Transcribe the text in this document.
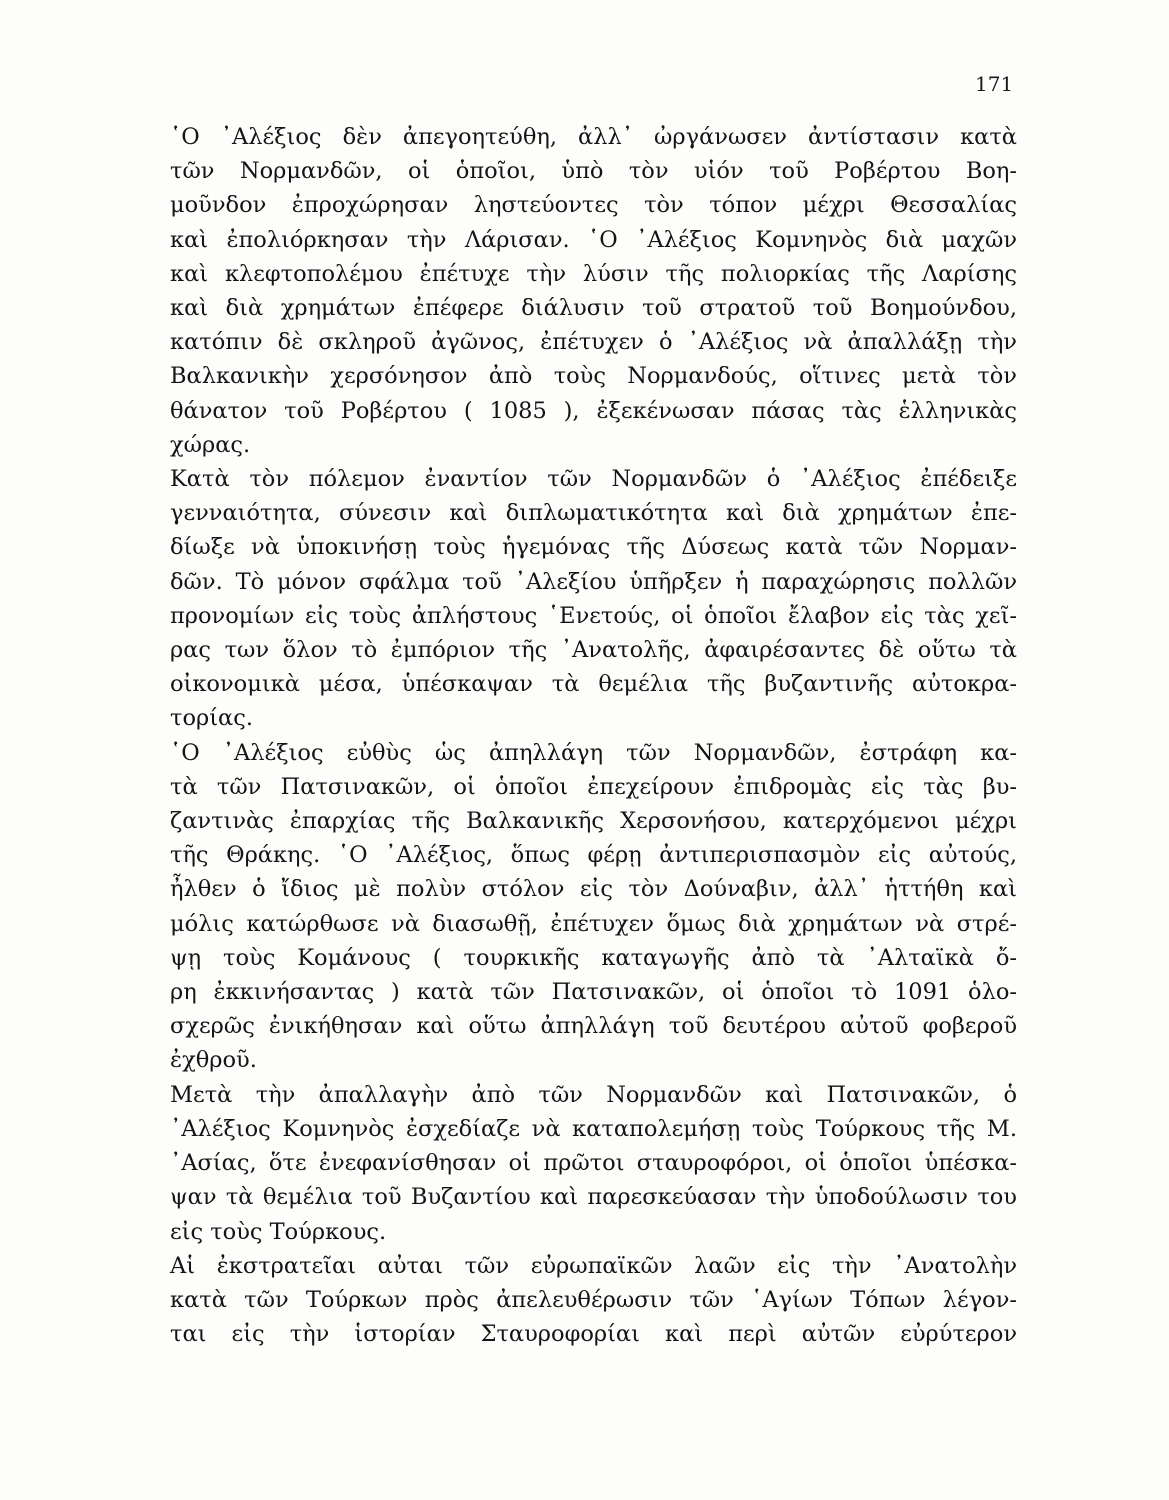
171

῾Ο ᾿Αλέξιος δὲν ἀπεγοητεύθη, ἀλλ᾿ ὠργάνωσεν ἀντίστασιν κατὰ
τῶν Νορμανδῶν, οἱ ὁποῖοι, ὑπὸ τὸν υἱόν τοῦ Ροβέρτου Βοη-
μοῦνδον ἐπροχώρησαν ληστεύοντες τὸν τόπον μέχρι Θεσσαλίας
καὶ ἐπολιόρκησαν τὴν Λάρισαν. ῾Ο ᾿Αλέξιος Κομνηνὸς διὰ μαχῶν
καὶ κλεφτοπολέμου ἐπέτυχε τὴν λύσιν τῆς πολιορκίας τῆς Λαρίσης
καὶ διὰ χρημάτων ἐπέφερε διάλυσιν τοῦ στρατοῦ τοῦ Βοημούνδου,
κατόπιν δὲ σκληροῦ ἀγῶνος, ἐπέτυχεν ὁ ᾿Αλέξιος νὰ ἀπαλλάξῃ τὴν
Βαλκανικὴν χερσόνησον ἀπὸ τοὺς Νορμανδούς, οἵτινες μετὰ τὸν
θάνατον τοῦ Ροβέρτου ( 1085 ), ἐξεκένωσαν πάσας τὰς ἑλληνικὰς
χώρας.

Κατὰ τὸν πόλεμον ἐναντίον τῶν Νορμανδῶν ὁ ᾿Αλέξιος ἐπέδειξε
γενναιότητα, σύνεσιν καὶ διπλωματικότητα καὶ διὰ χρημάτων ἐπε-
δίωξε νὰ ὑποκινήσῃ τοὺς ἡγεμόνας τῆς Δύσεως κατὰ τῶν Νορμαν-
δῶν. Τὸ μόνον σφάλμα τοῦ ᾿Αλεξίου ὑπῆρξεν ἡ παραχώρησις πολλῶν
προνομίων εἰς τοὺς ἀπλήστους ῾Ενετούς, οἱ ὁποῖοι ἔλαβον εἰς τὰς χεῖ-
ρας των ὅλον τὸ ἐμπόριον τῆς ᾿Ανατολῆς, ἀφαιρέσαντες δὲ οὕτω τὰ
οἰκονομικὰ μέσα, ὑπέσκαψαν τὰ θεμέλια τῆς βυζαντινῆς αὐτοκρα-
τορίας.

῾Ο ᾿Αλέξιος εὐθὺς ὡς ἀπηλλάγη τῶν Νορμανδῶν, ἐστράφη κα-
τὰ τῶν Πατσινακῶν, οἱ ὁποῖοι ἐπεχείρουν ἐπιδρομὰς εἰς τὰς βυ-
ζαντινὰς ἐπαρχίας τῆς Βαλκανικῆς Χερσονήσου, κατερχόμενοι μέχρι
τῆς Θράκης. ῾Ο ᾿Αλέξιος, ὅπως φέρῃ ἀντιπερισπασμὸν εἰς αὐτούς,
ἦλθεν ὁ ἴδιος μὲ πολὺν στόλον εἰς τὸν Δούναβιν, ἀλλ᾿ ἡττήθη καὶ
μόλις κατώρθωσε νὰ διασωθῇ, ἐπέτυχεν ὅμως διὰ χρημάτων νὰ στρέ-
ψῃ τοὺς Κομάνους ( τουρκικῆς καταγωγῆς ἀπὸ τὰ ᾿Αλταϊκὰ ὄ-
ρη ἐκκινήσαντας ) κατὰ τῶν Πατσινακῶν, οἱ ὁποῖοι τὸ 1091 ὁλο-
σχερῶς ἐνικήθησαν καὶ οὕτω ἀπηλλάγη τοῦ δευτέρου αὐτοῦ φοβεροῦ
ἐχθροῦ.

Μετὰ τὴν ἀπαλλαγὴν ἀπὸ τῶν Νορμανδῶν καὶ Πατσινακῶν, ὁ
᾿Αλέξιος Κομνηνὸς ἐσχεδίαζε νὰ καταπολεμήσῃ τοὺς Τούρκους τῆς Μ.
᾿Ασίας, ὅτε ἐνεφανίσθησαν οἱ πρῶτοι σταυροφόροι, οἱ ὁποῖοι ὑπέσκα-
ψαν τὰ θεμέλια τοῦ Βυζαντίου καὶ παρεσκεύασαν τὴν ὑποδούλωσιν του
εἰς τοὺς Τούρκους.

Αἱ ἐκστρατεῖαι αὐται τῶν εὐρωπαϊκῶν λαῶν εἰς τὴν ᾿Ανατολὴν
κατὰ τῶν Τούρκων πρὸς ἀπελευθέρωσιν τῶν ῾Αγίων Τόπων λέγον-
ται εἰς τὴν ἱστορίαν Σταυροφορίαι καὶ περὶ αὐτῶν εὐρύτερον
